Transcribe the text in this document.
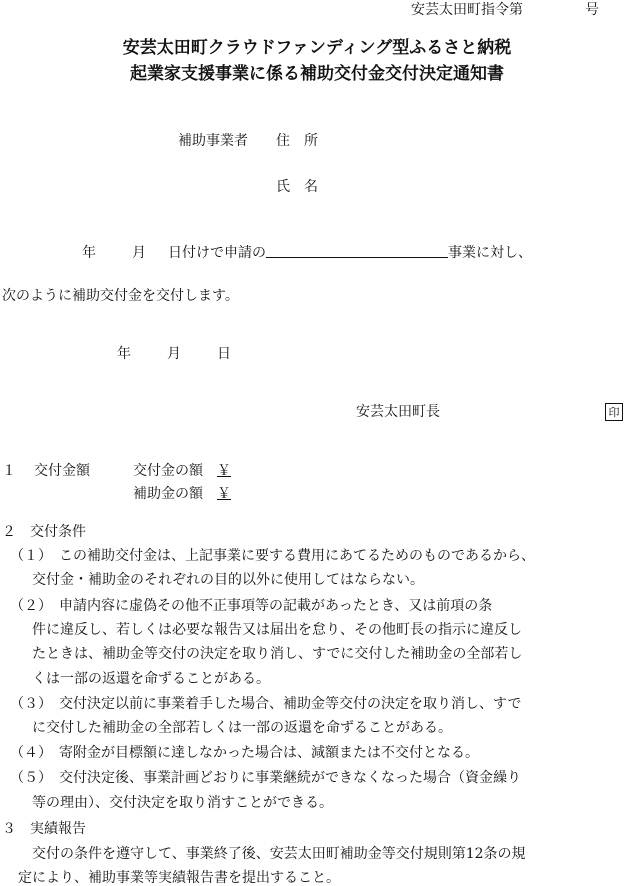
安芸太田町指令第	号
安芸太田町クラウドファンディング型ふるさと納税
起業家支援事業に係る補助交付金交付決定通知書
補助事業者 住　所
氏　名
年	月 日付けで申請の	事業に対し、
次のように補助交付金を交付します。
年	月	日
安芸太田町長	印
１ 交付金額	交付金の額 ￥
補助金の額 ￥
２　交付条件
（１）　この補助交付金は、上記事業に要する費用にあてるためのものであるから、
交付金・補助金のそれぞれの目的以外に使用してはならない。
（２）　申請内容に虚偽その他不正事項等の記載があったとき、又は前項の条
件に違反し、若しくは必要な報告又は届出を怠り、その他町長の指示に違反し
たときは、補助金等交付の決定を取り消し、すでに交付した補助金の全部若し
くは一部の返還を命ずることがある。
（３）　交付決定以前に事業着手した場合、補助金等交付の決定を取り消し、すで
に交付した補助金の全部若しくは一部の返還を命ずることがある。
（４）　寄附金が目標額に達しなかった場合は、減額または不交付となる。
（５）　交付決定後、事業計画どおりに事業継続ができなくなった場合（資金繰り
等の理由）、交付決定を取り消すことができる。
３　実績報告
交付の条件を遵守して、事業終了後、安芸太田町補助金等交付規則第12条の規
定により、補助事業等実績報告書を提出すること。
